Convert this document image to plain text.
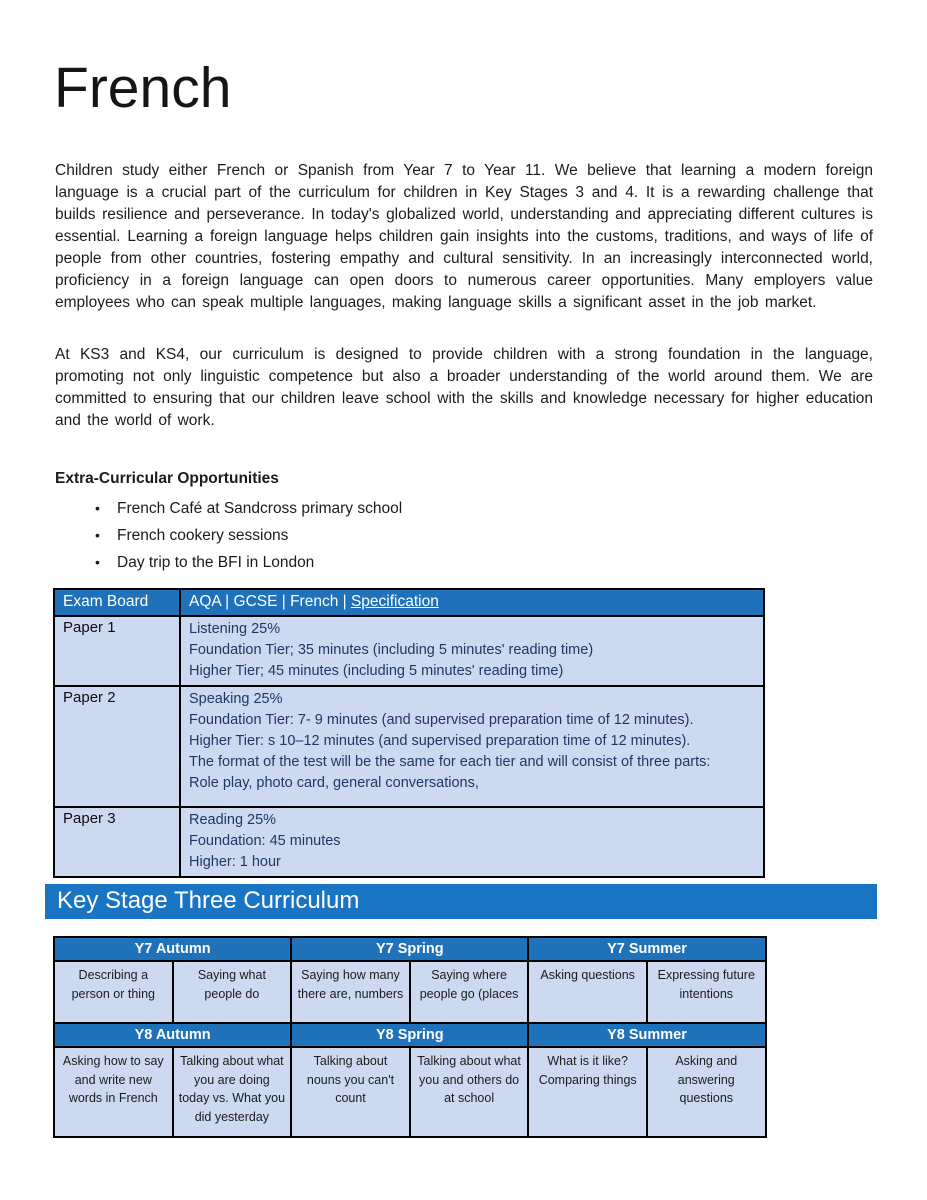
French

Children study either French or Spanish from Year 7 to Year 11. We believe that learning a modern foreign language is a crucial part of the curriculum for children in Key Stages 3 and 4. It is a rewarding challenge that builds resilience and perseverance. In today's globalized world, understanding and appreciating different cultures is essential. Learning a foreign language helps children gain insights into the customs, traditions, and ways of life of people from other countries, fostering empathy and cultural sensitivity. In an increasingly interconnected world, proficiency in a foreign language can open doors to numerous career opportunities. Many employers value employees who can speak multiple languages, making language skills a significant asset in the job market.

At KS3 and KS4, our curriculum is designed to provide children with a strong foundation in the language, promoting not only linguistic competence but also a broader understanding of the world around them. We are committed to ensuring that our children leave school with the skills and knowledge necessary for higher education and the world of work.

Extra-Curricular Opportunities
•	French Café at Sandcross primary school
•	French cookery sessions
•	Day trip to the BFI in London
Exam Board	AQA | GCSE | French | Specification
Paper 1	Listening 25%
Foundation Tier; 35 minutes (including 5 minutes' reading time)
Higher Tier; 45 minutes (including 5 minutes' reading time)

Paper 2	Speaking 25%
Foundation Tier: 7- 9 minutes (and supervised preparation time of 12 minutes).
Higher Tier: s 10–12 minutes (and supervised preparation time of 12 minutes).
The format of the test will be the same for each tier and will consist of three parts:
Role play, photo card, general conversations,

Paper 3	Reading 25%
Foundation: 45 minutes
Higher: 1 hour
Key Stage Three Curriculum
Y7 Autumn		Y7 Spring		Y7 Summer	
Describing a person or thing	Saying what people do	Saying how many there are, numbers	Saying where people go (places	Asking questions	Expressing future intentions
Y8 Autumn		Y8 Spring		Y8 Summer	
Asking how to say and write new words in French	Talking about what you are doing today vs. What you did yesterday	Talking about nouns you can't count	Talking about what you and others do at school	What is it like? Comparing things	Asking and answering questions
